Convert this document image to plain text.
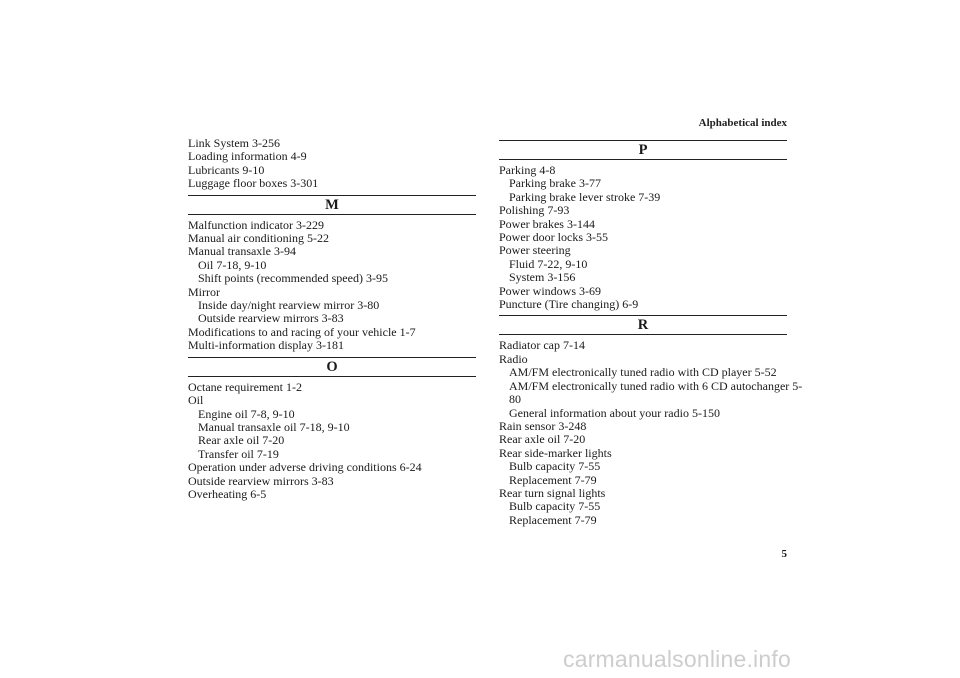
Alphabetical index
Link System 3-256
Loading information 4-9
Lubricants 9-10
Luggage floor boxes 3-301
M
Malfunction indicator 3-229
Manual air conditioning 5-22
Manual transaxle 3-94
Oil 7-18, 9-10
Shift points (recommended speed) 3-95
Mirror
Inside day/night rearview mirror 3-80
Outside rearview mirrors 3-83
Modifications to and racing of your vehicle 1-7
Multi-information display 3-181
O
Octane requirement 1-2
Oil
Engine oil 7-8, 9-10
Manual transaxle oil 7-18, 9-10
Rear axle oil 7-20
Transfer oil 7-19
Operation under adverse driving conditions 6-24
Outside rearview mirrors 3-83
Overheating 6-5
P
Parking 4-8
Parking brake 3-77
Parking brake lever stroke 7-39
Polishing 7-93
Power brakes 3-144
Power door locks 3-55
Power steering
Fluid 7-22, 9-10
System 3-156
Power windows 3-69
Puncture (Tire changing) 6-9
R
Radiator cap 7-14
Radio
AM/FM electronically tuned radio with CD player 5-52
AM/FM electronically tuned radio with 6 CD autochanger 5-
80
General information about your radio 5-150
Rain sensor 3-248
Rear axle oil 7-20
Rear side-marker lights
Bulb capacity 7-55
Replacement 7-79
Rear turn signal lights
Bulb capacity 7-55
Replacement 7-79
5
carmanualsonline.info
